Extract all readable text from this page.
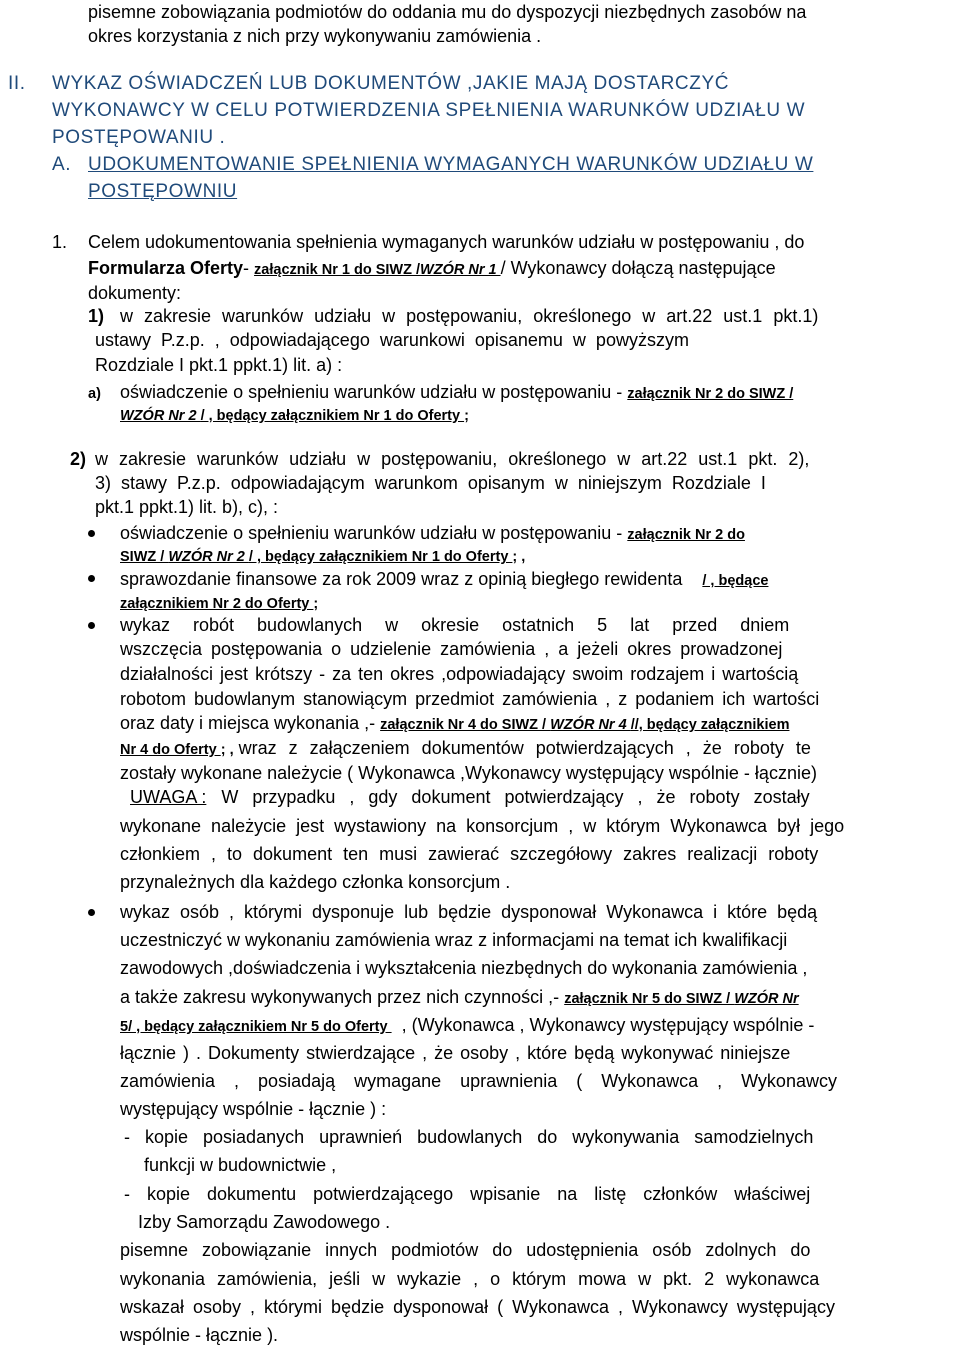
pisemne zobowiązania podmiotów do oddania mu do dyspozycji niezbędnych zasobów na
okres korzystania z nich przy wykonywaniu zamówienia .
II. WYKAZ OŚWIADCZEŃ LUB DOKUMENTÓW ,JAKIE MAJĄ DOSTARCZYĆ
WYKONAWCY W CELU POTWIERDZENIA SPEŁNIENIA WARUNKÓW UDZIAŁU W
POSTĘPOWANIU .
A. UDOKUMENTOWANIE SPEŁNIENIA WYMAGANYCH WARUNKÓW UDZIAŁU W
POSTĘPOWNIU
1. Celem udokumentowania spełnienia wymaganych warunków udziału w postępowaniu , do
Formularza Oferty- załącznik Nr 1 do SIWZ /WZÓR Nr 1 / Wykonawcy dołączą następujące
dokumenty:
1) w zakresie warunków udziału w postępowaniu, określonego w art.22 ust.1 pkt.1)
ustawy P.z.p. , odpowiadającego warunkowi opisanemu w powyższym
Rozdziale I pkt.1 ppkt.1) lit. a) :
a) oświadczenie o spełnieniu warunków udziału w postępowaniu - załącznik Nr 2 do SIWZ /
WZÓR Nr 2 / , będący załącznikiem Nr 1 do Oferty ;
2) w zakresie warunków udziału w postępowaniu, określonego w art.22 ust.1 pkt. 2),
3) stawy P.z.p. odpowiadającym warunkom opisanym w niniejszym Rozdziale I
pkt.1 ppkt.1) lit. b), c), :
oświadczenie o spełnieniu warunków udziału w postępowaniu - załącznik Nr 2 do
SIWZ / WZÓR Nr 2 / , będący załącznikiem Nr 1 do Oferty ; ,
sprawozdanie finansowe za rok 2009 wraz z opinią biegłego rewidenta / , będące
załącznikiem Nr 2 do Oferty ;
wykaz robót budowlanych w okresie ostatnich 5 lat przed dniem
wszczęcia postępowania o udzielenie zamówienia , a jeżeli okres prowadzonej
działalności jest krótszy - za ten okres ,odpowiadający swoim rodzajem i wartością
robotom budowlanym stanowiącym przedmiot zamówienia , z podaniem ich wartości
oraz daty i miejsca wykonania ,- załącznik Nr 4 do SIWZ / WZÓR Nr 4 //, będący załącznikiem
Nr 4 do Oferty ; , wraz z załączeniem dokumentów potwierdzających , że roboty te
zostały wykonane należycie ( Wykonawca ,Wykonawcy występujący wspólnie - łącznie)
UWAGA : W przypadku , gdy dokument potwierdzający , że roboty zostały
wykonane należycie jest wystawiony na konsorcjum , w którym Wykonawca był jego
członkiem , to dokument ten musi zawierać szczegółowy zakres realizacji roboty
przynależnych dla każdego członka konsorcjum .
wykaz osób , którymi dysponuje lub będzie dysponował Wykonawca i które będą
uczestniczyć w wykonaniu zamówienia wraz z informacjami na temat ich kwalifikacji
zawodowych ,doświadczenia i wykształcenia niezbędnych do wykonania zamówienia ,
a także zakresu wykonywanych przez nich czynności ,- załącznik Nr 5 do SIWZ / WZÓR Nr
5/ , będący załącznikiem Nr 5 do Oferty   , (Wykonawca , Wykonawcy występujący wspólnie -
łącznie ) . Dokumenty stwierdzające , że osoby , które będą wykonywać niniejsze
zamówienia , posiadają wymagane uprawnienia ( Wykonawca , Wykonawcy
występujący wspólnie - łącznie ) :
- kopie posiadanych uprawnień budowlanych do wykonywania samodzielnych
funkcji w budownictwie ,
- kopie dokumentu potwierdzającego wpisanie na listę członków właściwej
Izby Samorządu Zawodowego .
pisemne zobowiązanie innych podmiotów do udostępnienia osób zdolnych do
wykonania zamówienia, jeśli w wykazie , o którym mowa w pkt. 2 wykonawca
wskazał osoby , którymi będzie dysponował ( Wykonawca , Wykonawcy występujący
wspólnie - łącznie ).
